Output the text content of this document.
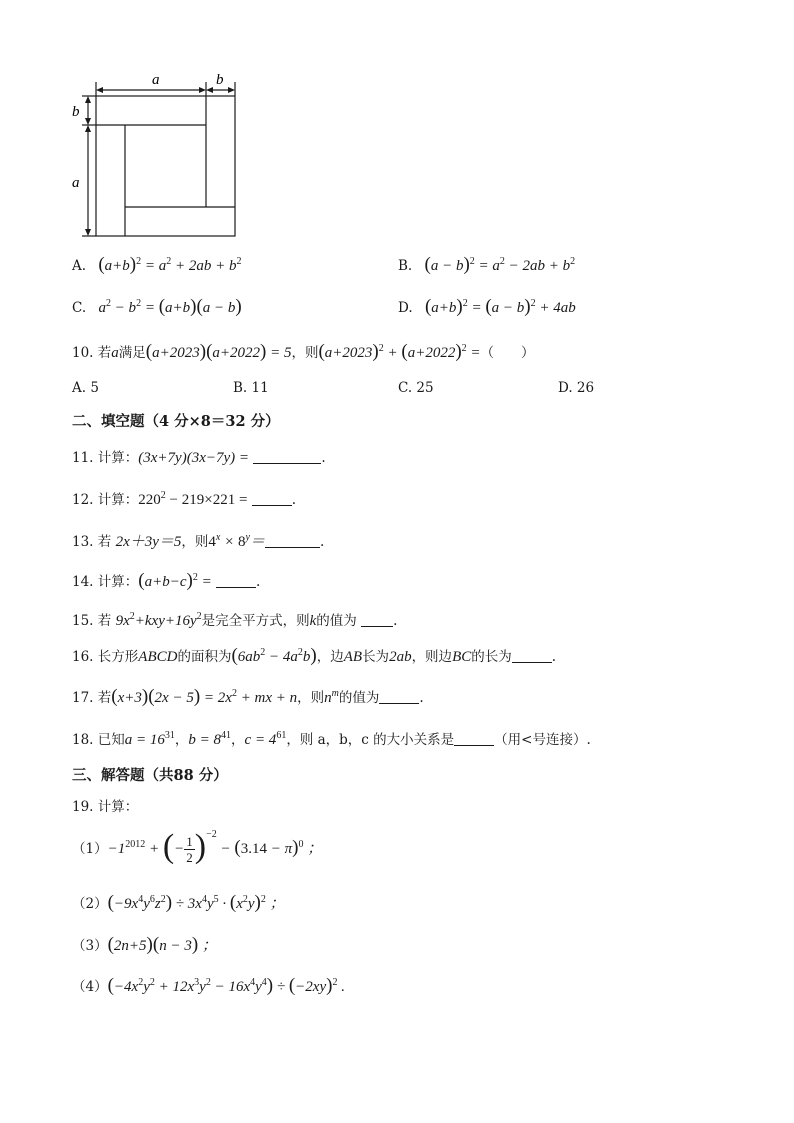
a	b
b
a
A. $(a+b)^2 = a^2 + 2ab + b^2$	B. $(a - b)^2 = a^2 - 2ab + b^2$
C. $a^2 - b^2 = (a+b)(a - b)$	D. $(a+b)^2 = (a - b)^2 + 4ab$
10. 若a满足(a+2023)(a+2022) = 5，则$(a+2023)^2 + (a+2022)^2$ =（　　）
A. 5	B. 11	C. 25	D. 26
二、填空题（4 分×8＝32 分）
11. 计算：(3x+7y)(3x−7y) =	.
12. 计算：$220^2 - 219\times 221$ =	.
13. 若 2x＋3y＝5，则$4^x \times 8^y=$	.
14. 计算：$(a+b-c)^2$ =	.
15. 若 $9x^2+kxy+16y^2$是完全平方式，则k的值为	.
16. 长方形ABCD的面积为$(6ab^2 - 4a^2b)$，边AB长为2ab，则边BC的长为	.
17. 若$(x+3)(2x - 5) = 2x^2$ + mx + n，则$n^m$的值为	.
18. 已知$a = 16^{31}$，$b = 8^{41}$，$c = 4^{61}$，则 a，b，c 的大小关系是	（用<号连接）.
三、解答题（共88 分）
19. 计算：
$(1)-1^{2012}$ + (− $\frac{1}{2} )^{-2} - (3.14 - \pi)^0$ ；
$(2)(-9x^4y^6z^2) \div 3x^4y^5 \cdot (x^2y)^2$ ；
（3）(2n+5)(n − 3) ；
$(4)(-4x^2y^2 + 12x^3y^2 - 16x^4y^4) \div (-2xy)^2$ .
